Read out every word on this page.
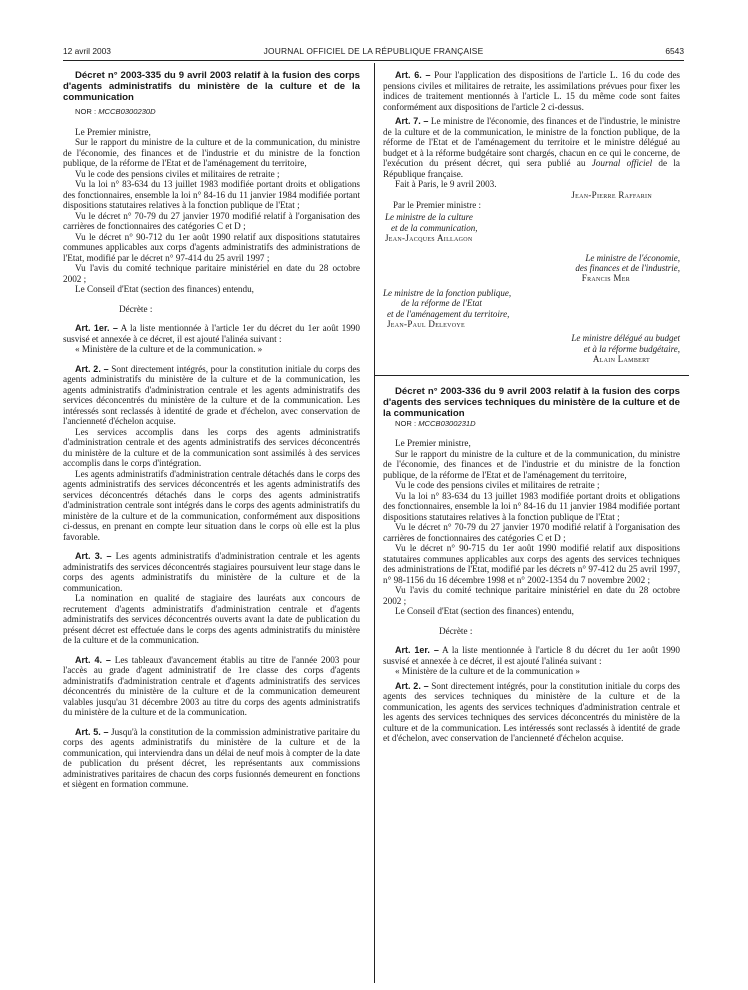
12 avril 2003	JOURNAL OFFICIEL DE LA RÉPUBLIQUE FRANÇAISE	6543

Décret n° 2003-335 du 9 avril 2003 relatif à la fusion des corps d'agents administratifs du ministère de la culture et de la communication

NOR : MCCB0300230D

Le Premier ministre,

Sur le rapport du ministre de la culture et de la communication, du ministre de l'économie, des finances et de l'industrie et du ministre de la fonction publique, de la réforme de l'Etat et de l'aménagement du territoire,

Vu le code des pensions civiles et militaires de retraite ;

Vu la loi n° 83-634 du 13 juillet 1983 modifiée portant droits et obligations des fonctionnaires, ensemble la loi n° 84-16 du 11 janvier 1984 modifiée portant dispositions statutaires relatives à la fonction publique de l'Etat ;

Vu le décret n° 70-79 du 27 janvier 1970 modifié relatif à l'organisation des carrières de fonctionnaires des catégories C et D ;

Vu le décret n° 90-712 du 1er août 1990 relatif aux dispositions statutaires communes applicables aux corps d'agents administratifs des administrations de l'Etat, modifié par le décret n° 97-414 du 25 avril 1997 ;

Vu l'avis du comité technique paritaire ministériel en date du 28 octobre 2002 ;

Le Conseil d'Etat (section des finances) entendu,

Décrète :

Art. 1er. – A la liste mentionnée à l'article 1er du décret du 1er août 1990 susvisé et annexée à ce décret, il est ajouté l'alinéa suivant :

« Ministère de la culture et de la communication. »

Art. 2. – Sont directement intégrés, pour la constitution initiale du corps des agents administratifs du ministère de la culture et de la communication, les agents administratifs d'administration centrale et les agents administratifs des services déconcentrés du ministère de la culture et de la communication. Les intéressés sont reclassés à identité de grade et d'échelon, avec conservation de l'ancienneté d'échelon acquise.

Les services accomplis dans les corps des agents administratifs d'administration centrale et des agents administratifs des services déconcentrés du ministère de la culture et de la communication sont assimilés à des services accomplis dans le corps d'intégration.

Les agents administratifs d'administration centrale détachés dans le corps des agents administratifs des services déconcentrés et les agents administratifs des services déconcentrés détachés dans le corps des agents administratifs d'administration centrale sont intégrés dans le corps des agents administratifs du ministère de la culture et de la communication, conformément aux dispositions ci-dessus, en prenant en compte leur situation dans le corps où elle est la plus favorable.

Art. 3. – Les agents administratifs d'administration centrale et les agents administratifs des services déconcentrés stagiaires poursuivent leur stage dans le corps des agents administratifs du ministère de la culture et de la communication.

La nomination en qualité de stagiaire des lauréats aux concours de recrutement d'agents administratifs d'administration centrale et d'agents administratifs des services déconcentrés ouverts avant la date de publication du présent décret est effectuée dans le corps des agents administratifs du ministère de la culture et de la communication.

Art. 4. – Les tableaux d'avancement établis au titre de l'année 2003 pour l'accès au grade d'agent administratif de 1re classe des corps d'agents administratifs d'administration centrale et d'agents administratifs des services déconcentrés du ministère de la culture et de la communication demeurent valables jusqu'au 31 décembre 2003 au titre du corps des agents administratifs du ministère de la culture et de la communication.

Art. 5. – Jusqu'à la constitution de la commission administrative paritaire du corps des agents administratifs du ministère de la culture et de la communication, qui interviendra dans un délai de neuf mois à compter de la date de publication du présent décret, les représentants aux commissions administratives paritaires de chacun des corps fusionnés demeurent en fonctions et siègent en formation commune.

Art. 6. – Pour l'application des dispositions de l'article L. 16 du code des pensions civiles et militaires de retraite, les assimilations prévues pour fixer les indices de traitement mentionnés à l'article L. 15 du même code sont faites conformément aux dispositions de l'article 2 ci-dessus.

Art. 7. – Le ministre de l'économie, des finances et de l'industrie, le ministre de la culture et de la communication, le ministre de la fonction publique, de la réforme de l'Etat et de l'aménagement du territoire et le ministre délégué au budget et à la réforme budgétaire sont chargés, chacun en ce qui le concerne, de l'exécution du présent décret, qui sera publié au Journal officiel de la République française.

Fait à Paris, le 9 avril 2003.

Jean-Pierre Raffarin
Par le Premier ministre :
Le ministre de la culture
et de la communication,
Jean-Jacques Aillagon
Le ministre de l'économie,
des finances et de l'industrie,
Francis Mer
Le ministre de la fonction publique,
de la réforme de l'Etat
et de l'aménagement du territoire,
Jean-Paul Delevoye
Le ministre délégué au budget
et à la réforme budgétaire,
Alain Lambert

Décret n° 2003-336 du 9 avril 2003 relatif à la fusion des corps d'agents des services techniques du ministère de la culture et de la communication

NOR : MCCB0300231D

Le Premier ministre,

Sur le rapport du ministre de la culture et de la communication, du ministre de l'économie, des finances et de l'industrie et du ministre de la fonction publique, de la réforme de l'Etat et de l'aménagement du territoire,

Vu le code des pensions civiles et militaires de retraite ;

Vu la loi n° 83-634 du 13 juillet 1983 modifiée portant droits et obligations des fonctionnaires, ensemble la loi n° 84-16 du 11 janvier 1984 modifiée portant dispositions statutaires relatives à la fonction publique de l'Etat ;

Vu le décret n° 70-79 du 27 janvier 1970 modifié relatif à l'organisation des carrières de fonctionnaires des catégories C et D ;

Vu le décret n° 90-715 du 1er août 1990 modifié relatif aux dispositions statutaires communes applicables aux corps des agents des services techniques des administrations de l'Etat, modifié par les décrets n° 97-412 du 25 avril 1997, n° 98-1156 du 16 décembre 1998 et n° 2002-1354 du 7 novembre 2002 ;

Vu l'avis du comité technique paritaire ministériel en date du 28 octobre 2002 ;

Le Conseil d'Etat (section des finances) entendu,

Décrète :

Art. 1er. – A la liste mentionnée à l'article 8 du décret du 1er août 1990 susvisé et annexée à ce décret, il est ajouté l'alinéa suivant :

« Ministère de la culture et de la communication »

Art. 2. – Sont directement intégrés, pour la constitution initiale du corps des agents des services techniques du ministère de la culture et de la communication, les agents des services techniques d'administration centrale et les agents des services techniques des services déconcentrés du ministère de la culture et de la communication. Les intéressés sont reclassés à identité de grade et d'échelon, avec conservation de l'ancienneté d'échelon acquise.
